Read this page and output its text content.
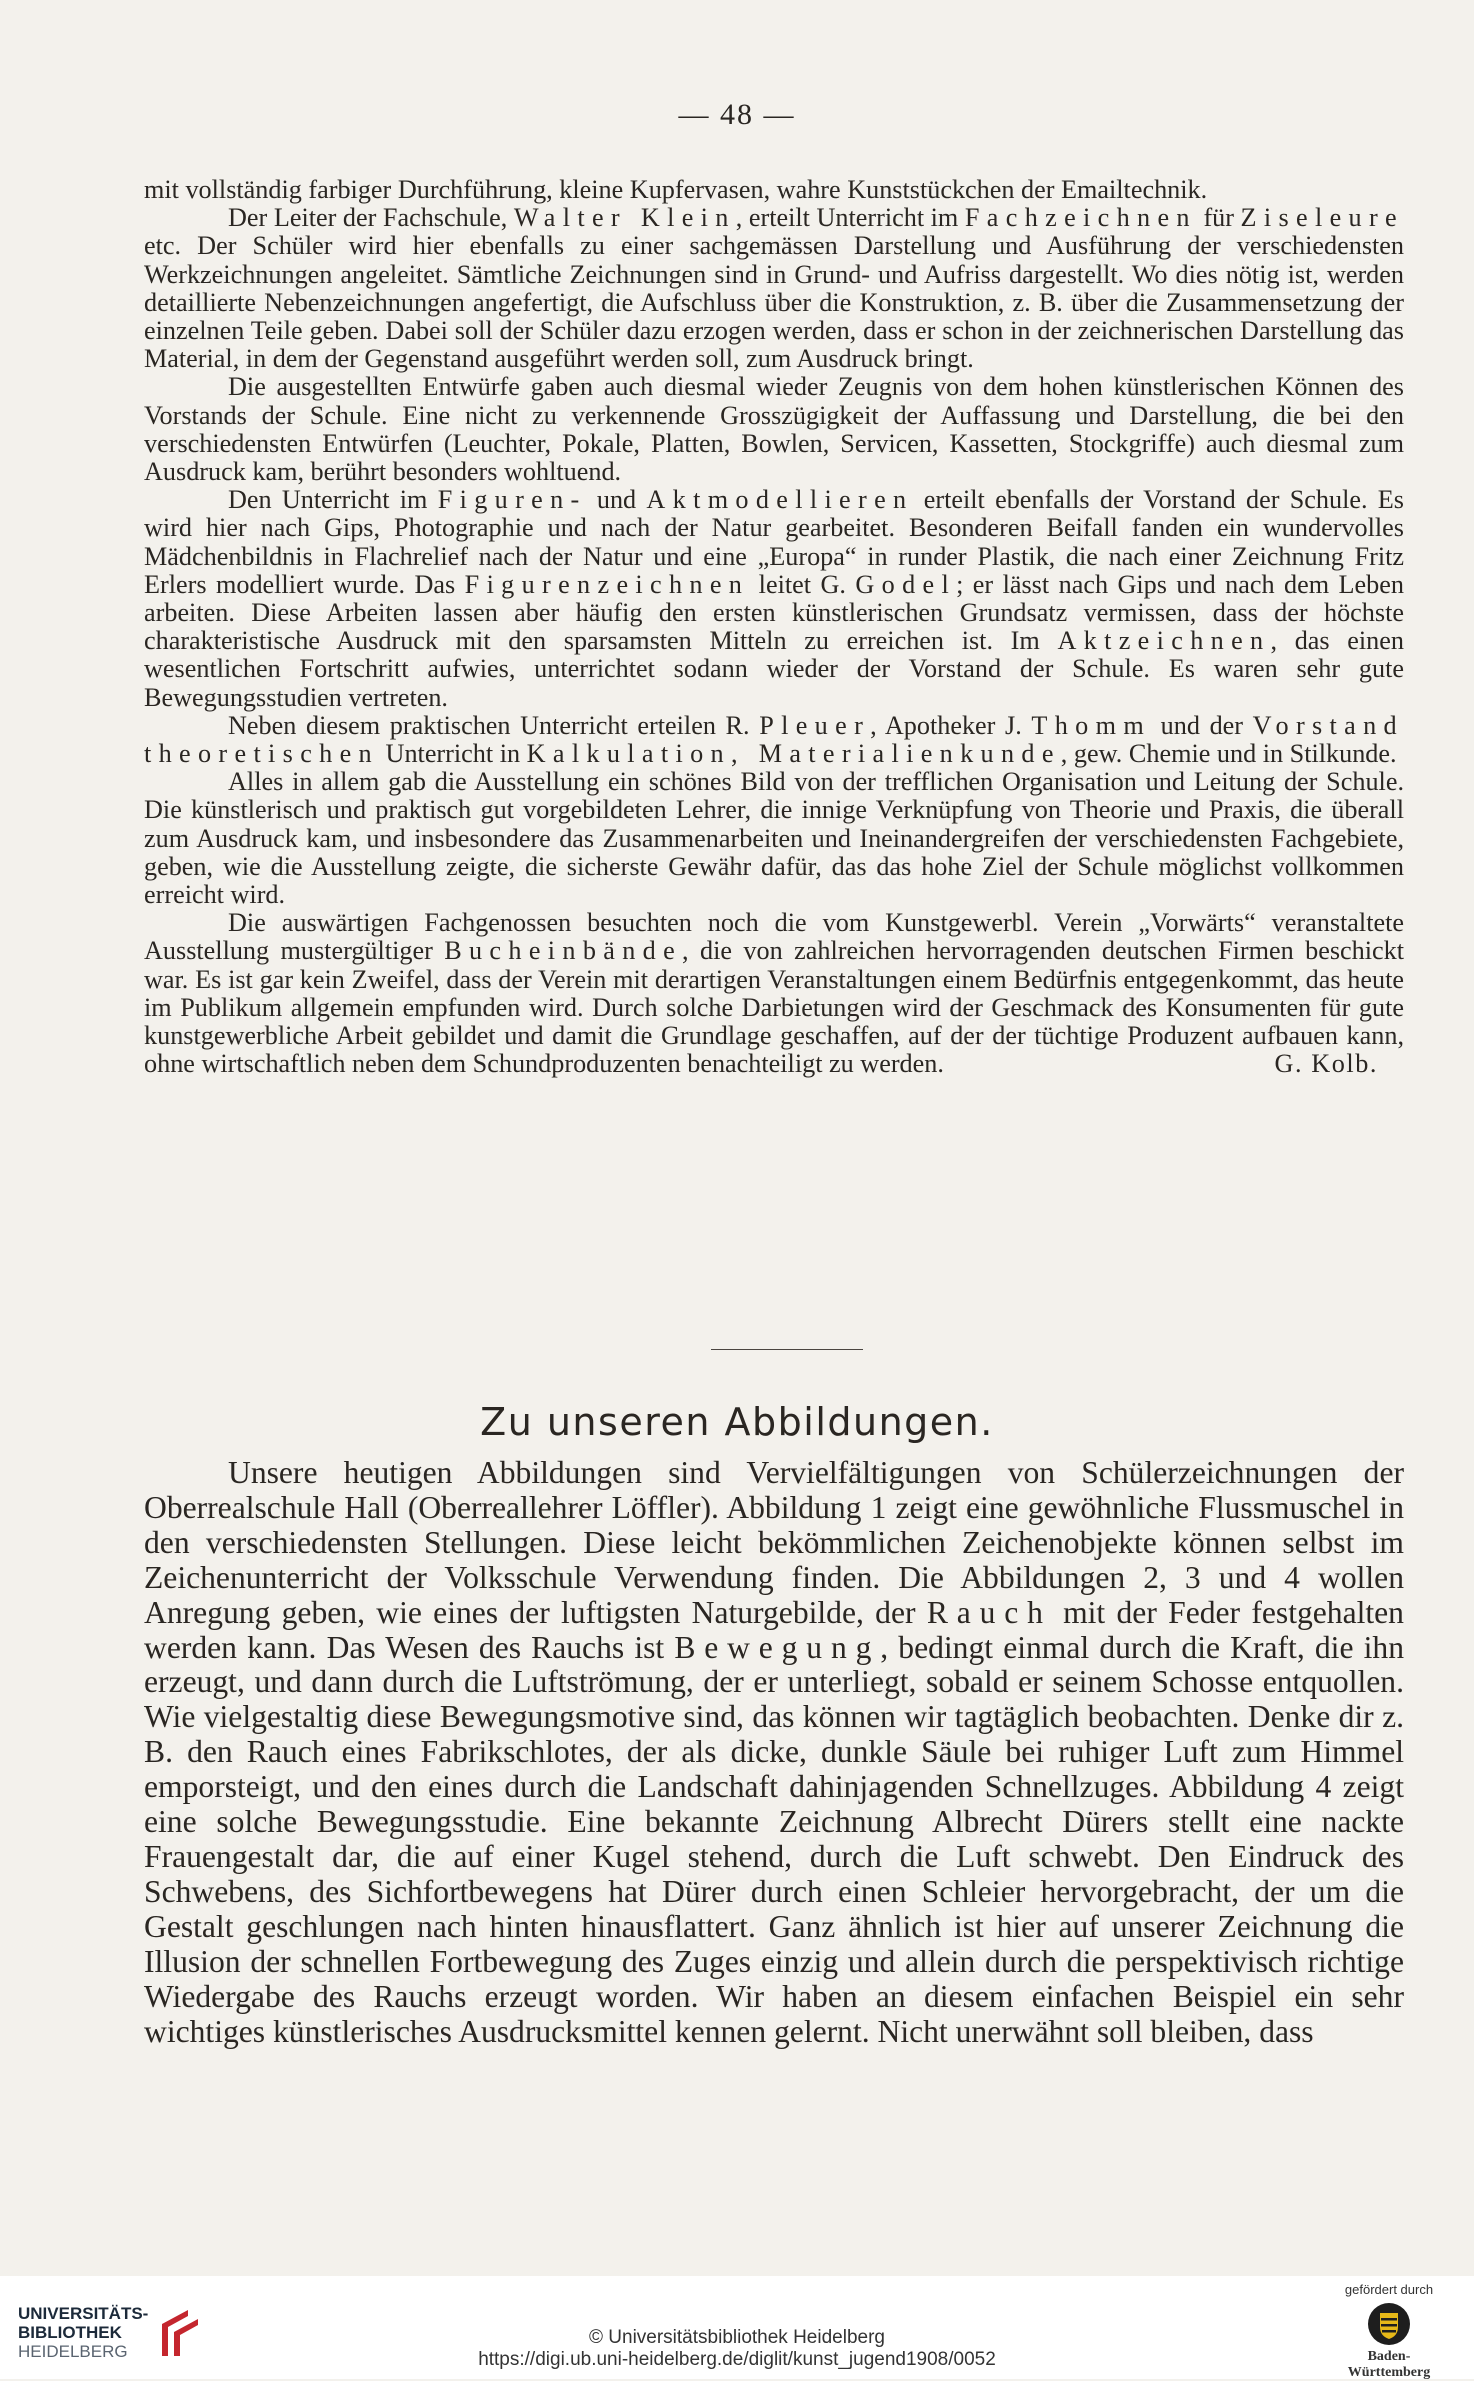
— 48 —

mit vollständig farbiger Durchführung, kleine Kupfervasen, wahre Kunststückchen der Emailtechnik.

Der Leiter der Fachschule, Walter Klein, erteilt Unterricht im Fachzeichnen für Ziseleure etc. Der Schüler wird hier ebenfalls zu einer sachgemässen Darstellung und Ausführung der verschiedensten Werkzeichnungen angeleitet. Sämtliche Zeichnungen sind in Grund- und Aufriss dargestellt. Wo dies nötig ist, werden detaillierte Nebenzeichnungen angefertigt, die Aufschluss über die Konstruktion, z. B. über die Zusammensetzung der einzelnen Teile geben. Dabei soll der Schüler dazu erzogen werden, dass er schon in der zeichnerischen Darstellung das Material, in dem der Gegenstand ausgeführt werden soll, zum Ausdruck bringt.

Die ausgestellten Entwürfe gaben auch diesmal wieder Zeugnis von dem hohen künstlerischen Können des Vorstands der Schule. Eine nicht zu verkennende Grosszügigkeit der Auffassung und Darstellung, die bei den verschiedensten Entwürfen (Leuchter, Pokale, Platten, Bowlen, Servicen, Kassetten, Stockgriffe) auch diesmal zum Ausdruck kam, berührt besonders wohltuend.

Den Unterricht im Figuren- und Aktmodellieren erteilt ebenfalls der Vorstand der Schule. Es wird hier nach Gips, Photographie und nach der Natur gearbeitet. Besonderen Beifall fanden ein wundervolles Mädchenbildnis in Flachrelief nach der Natur und eine „Europa“ in runder Plastik, die nach einer Zeichnung Fritz Erlers modelliert wurde. Das Figurenzeichnen leitet G. Godel; er lässt nach Gips und nach dem Leben arbeiten. Diese Arbeiten lassen aber häufig den ersten künstlerischen Grundsatz vermissen, dass der höchste charakteristische Ausdruck mit den sparsamsten Mitteln zu erreichen ist. Im Aktzeichnen, das einen wesentlichen Fortschritt aufwies, unterrichtet sodann wieder der Vorstand der Schule. Es waren sehr gute Bewegungsstudien vertreten.

Neben diesem praktischen Unterricht erteilen R. Pleuer, Apotheker J. Thomm und der Vorstand theoretischen Unterricht in Kalkulation, Materialienkunde, gew. Chemie und in Stilkunde.

Alles in allem gab die Ausstellung ein schönes Bild von der trefflichen Organisation und Leitung der Schule. Die künstlerisch und praktisch gut vorgebildeten Lehrer, die innige Verknüpfung von Theorie und Praxis, die überall zum Ausdruck kam, und insbesondere das Zusammenarbeiten und Ineinandergreifen der verschiedensten Fachgebiete, geben, wie die Ausstellung zeigte, die sicherste Gewähr dafür, das das hohe Ziel der Schule möglichst vollkommen erreicht wird.

Die auswärtigen Fachgenossen besuchten noch die vom Kunstgewerbl. Verein „Vorwärts“ veranstaltete Ausstellung mustergültiger Bucheinbände, die von zahlreichen hervorragenden deutschen Firmen beschickt war. Es ist gar kein Zweifel, dass der Verein mit derartigen Veranstaltungen einem Bedürfnis entgegenkommt, das heute im Publikum allgemein empfunden wird. Durch solche Darbietungen wird der Geschmack des Konsumenten für gute kunstgewerbliche Arbeit gebildet und damit die Grundlage geschaffen, auf der der tüchtige Produzent aufbauen kann, ohne wirtschaftlich neben dem Schundproduzenten benachteiligt zu werden.	G. Kolb.

Zu unseren Abbildungen.

Unsere heutigen Abbildungen sind Vervielfältigungen von Schülerzeichnungen der Oberrealschule Hall (Oberreallehrer Löffler). Abbildung 1 zeigt eine gewöhnliche Flussmuschel in den verschiedensten Stellungen. Diese leicht bekömmlichen Zeichenobjekte können selbst im Zeichenunterricht der Volksschule Verwendung finden. Die Abbildungen 2, 3 und 4 wollen Anregung geben, wie eines der luftigsten Naturgebilde, der Rauch mit der Feder festgehalten werden kann. Das Wesen des Rauchs ist Bewegung, bedingt einmal durch die Kraft, die ihn erzeugt, und dann durch die Luftströmung, der er unterliegt, sobald er seinem Schosse entquollen. Wie vielgestaltig diese Bewegungsmotive sind, das können wir tagtäglich beobachten. Denke dir z. B. den Rauch eines Fabrikschlotes, der als dicke, dunkle Säule bei ruhiger Luft zum Himmel emporsteigt, und den eines durch die Landschaft dahinjagenden Schnellzuges. Abbildung 4 zeigt eine solche Bewegungsstudie. Eine bekannte Zeichnung Albrecht Dürers stellt eine nackte Frauengestalt dar, die auf einer Kugel stehend, durch die Luft schwebt. Den Eindruck des Schwebens, des Sichfortbewegens hat Dürer durch einen Schleier hervorgebracht, der um die Gestalt geschlungen nach hinten hinausflattert. Ganz ähnlich ist hier auf unserer Zeichnung die Illusion der schnellen Fortbewegung des Zuges einzig und allein durch die perspektivisch richtige Wiedergabe des Rauchs erzeugt worden. Wir haben an diesem einfachen Beispiel ein sehr wichtiges künstlerisches Ausdrucksmittel kennen gelernt. Nicht unerwähnt soll bleiben, dass

UNIVERSITÄTS-
BIBLIOTHEK
HEIDELBERG
© Universitätsbibliothek Heidelberg
https://digi.ub.uni-heidelberg.de/diglit/kunst_jugend1908/0052
gefördert durch
Baden-Württemberg
